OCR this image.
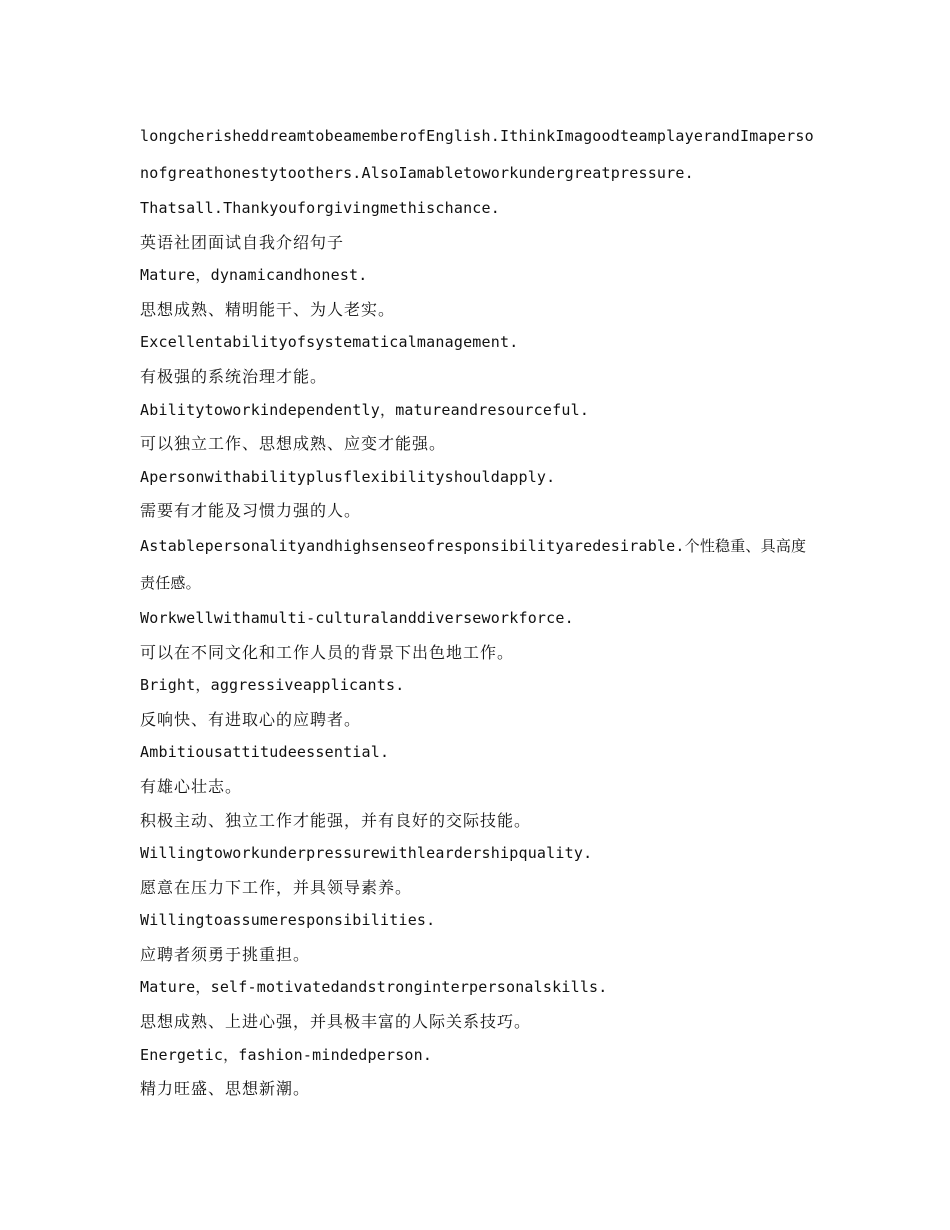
longcherisheddreamtobeamemberofEnglish.IthinkImagoodteamplayerandImapersonofgreathonestytoothers.AlsoIamabletoworkundergreatpressure.

Thatsall.Thankyouforgivingmethischance.

英语社团面试自我介绍句子

Mature，dynamicandhonest.

思想成熟、精明能干、为人老实。

Excellentabilityofsystematicalmanagement.

有极强的系统治理才能。

Abilitytoworkindependently，matureandresourceful.

可以独立工作、思想成熟、应变才能强。

Apersonwithabilityplusflexibilityshouldapply.

需要有才能及习惯力强的人。

Astablepersonalityandhighsenseofresponsibilityaredesirable.个性稳重、具高度责任感。

Workwellwithamulti-culturalanddiverseworkforce.

可以在不同文化和工作人员的背景下出色地工作。

Bright，aggressiveapplicants.

反响快、有进取心的应聘者。

Ambitiousattitudeessential.

有雄心壮志。

积极主动、独立工作才能强，并有良好的交际技能。

Willingtoworkunderpressurewithleardershipquality.

愿意在压力下工作，并具领导素养。

Willingtoassumeresponsibilities.

应聘者须勇于挑重担。

Mature，self-motivatedandstronginterpersonalskills.

思想成熟、上进心强，并具极丰富的人际关系技巧。

Energetic，fashion-mindedperson.

精力旺盛、思想新潮。
